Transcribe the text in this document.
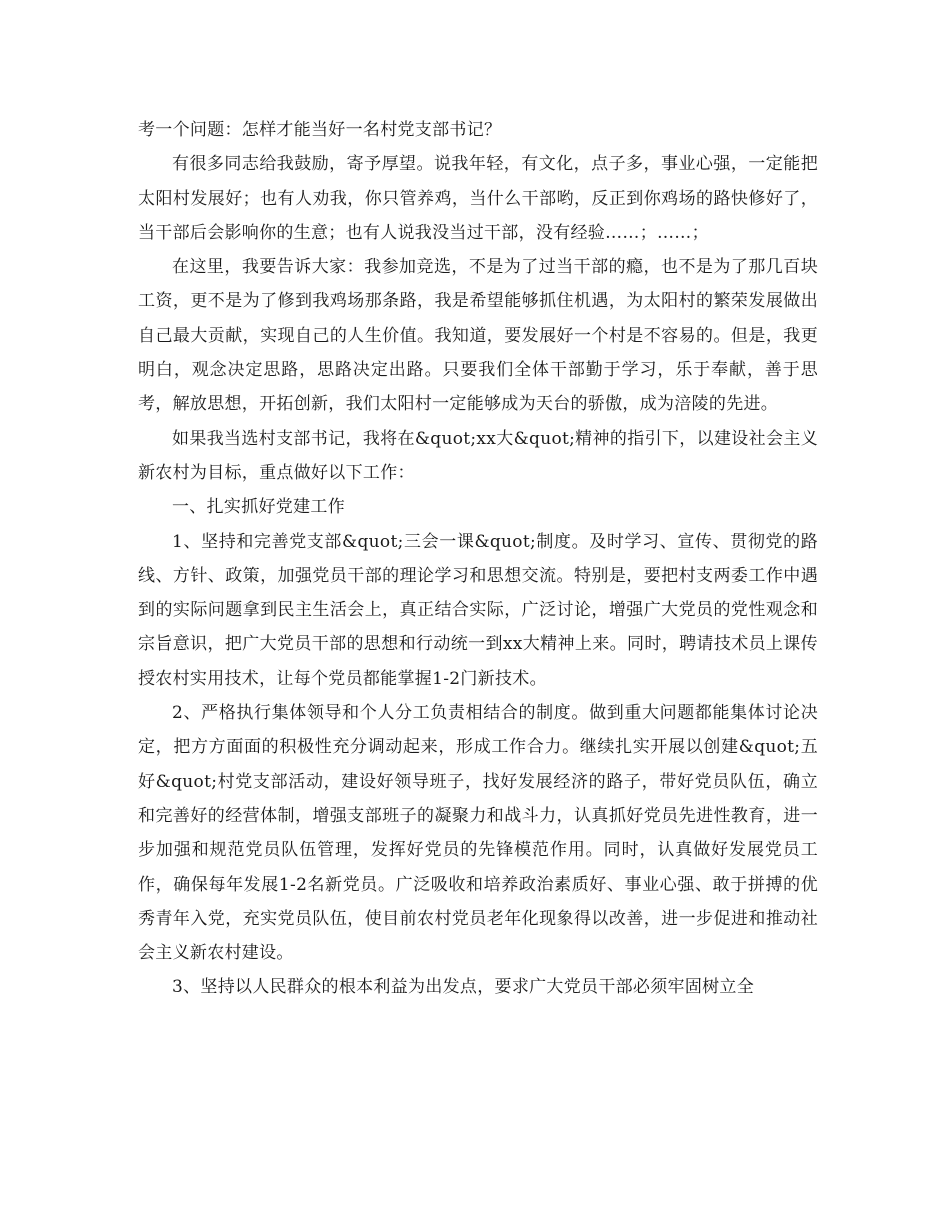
考一个问题：怎样才能当好一名村党支部书记？

有很多同志给我鼓励，寄予厚望。说我年轻，有文化，点子多，事业心强，一定能把太阳村发展好；也有人劝我，你只管养鸡，当什么干部哟，反正到你鸡场的路快修好了，当干部后会影响你的生意；也有人说我没当过干部，没有经验……；……；

在这里，我要告诉大家：我参加竞选，不是为了过当干部的瘾，也不是为了那几百块工资，更不是为了修到我鸡场那条路，我是希望能够抓住机遇，为太阳村的繁荣发展做出自己最大贡献，实现自己的人生价值。我知道，要发展好一个村是不容易的。但是，我更明白，观念决定思路，思路决定出路。只要我们全体干部勤于学习，乐于奉献，善于思考，解放思想，开拓创新，我们太阳村一定能够成为天台的骄傲，成为涪陵的先进。

如果我当选村支部书记，我将在&quot;xx大&quot;精神的指引下，以建设社会主义新农村为目标，重点做好以下工作：

一、扎实抓好党建工作

1、坚持和完善党支部&quot;三会一课&quot;制度。及时学习、宣传、贯彻党的路线、方针、政策，加强党员干部的理论学习和思想交流。特别是，要把村支两委工作中遇到的实际问题拿到民主生活会上，真正结合实际，广泛讨论，增强广大党员的党性观念和宗旨意识，把广大党员干部的思想和行动统一到xx大精神上来。同时，聘请技术员上课传授农村实用技术，让每个党员都能掌握1-2门新技术。

2、严格执行集体领导和个人分工负责相结合的制度。做到重大问题都能集体讨论决定，把方方面面的积极性充分调动起来，形成工作合力。继续扎实开展以创建&quot;五好&quot;村党支部活动，建设好领导班子，找好发展经济的路子，带好党员队伍，确立和完善好的经营体制，增强支部班子的凝聚力和战斗力，认真抓好党员先进性教育，进一步加强和规范党员队伍管理，发挥好党员的先锋模范作用。同时，认真做好发展党员工作，确保每年发展1-2名新党员。广泛吸收和培养政治素质好、事业心强、敢于拼搏的优秀青年入党，充实党员队伍，使目前农村党员老年化现象得以改善，进一步促进和推动社会主义新农村建设。

3、坚持以人民群众的根本利益为出发点，要求广大党员干部必须牢固树立全
